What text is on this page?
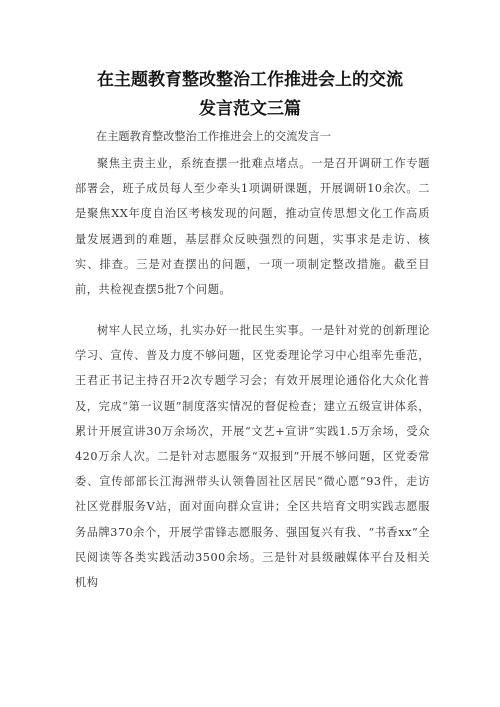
在主题教育整改整治工作推进会上的交流
发言范文三篇
在主题教育整改整治工作推进会上的交流发言一

聚焦主责主业，系统查摆一批难点堵点。一是召开调研工作专题部署会，班子成员每人至少牵头1项调研课题，开展调研10余次。二是聚焦XX年度自治区考核发现的问题，推动宣传思想文化工作高质量发展遇到的难题，基层群众反映强烈的问题，实事求是走访、核实、排查。三是对查摆出的问题，一项一项制定整改措施。截至目前，共检视查摆5批7个问题。

树牢人民立场，扎实办好一批民生实事。一是针对党的创新理论学习、宣传、普及力度不够问题，区党委理论学习中心组率先垂范，王君正书记主持召开2次专题学习会；有效开展理论通俗化大众化普及，完成“第一议题”制度落实情况的督促检查；建立五级宣讲体系，累计开展宣讲30万余场次，开展“文艺+宣讲”实践1.5万余场，受众420万余人次。二是针对志愿服务“双报到”开展不够问题，区党委常委、宣传部部长江海洲带头认领鲁固社区居民“微心愿”93件，走访社区党群服务V站，面对面向群众宣讲；全区共培育文明实践志愿服务品牌370余个，开展学雷锋志愿服务、强国复兴有我、“书香xx”全民阅读等各类实践活动3500余场。三是针对县级融媒体平台及相关机构
